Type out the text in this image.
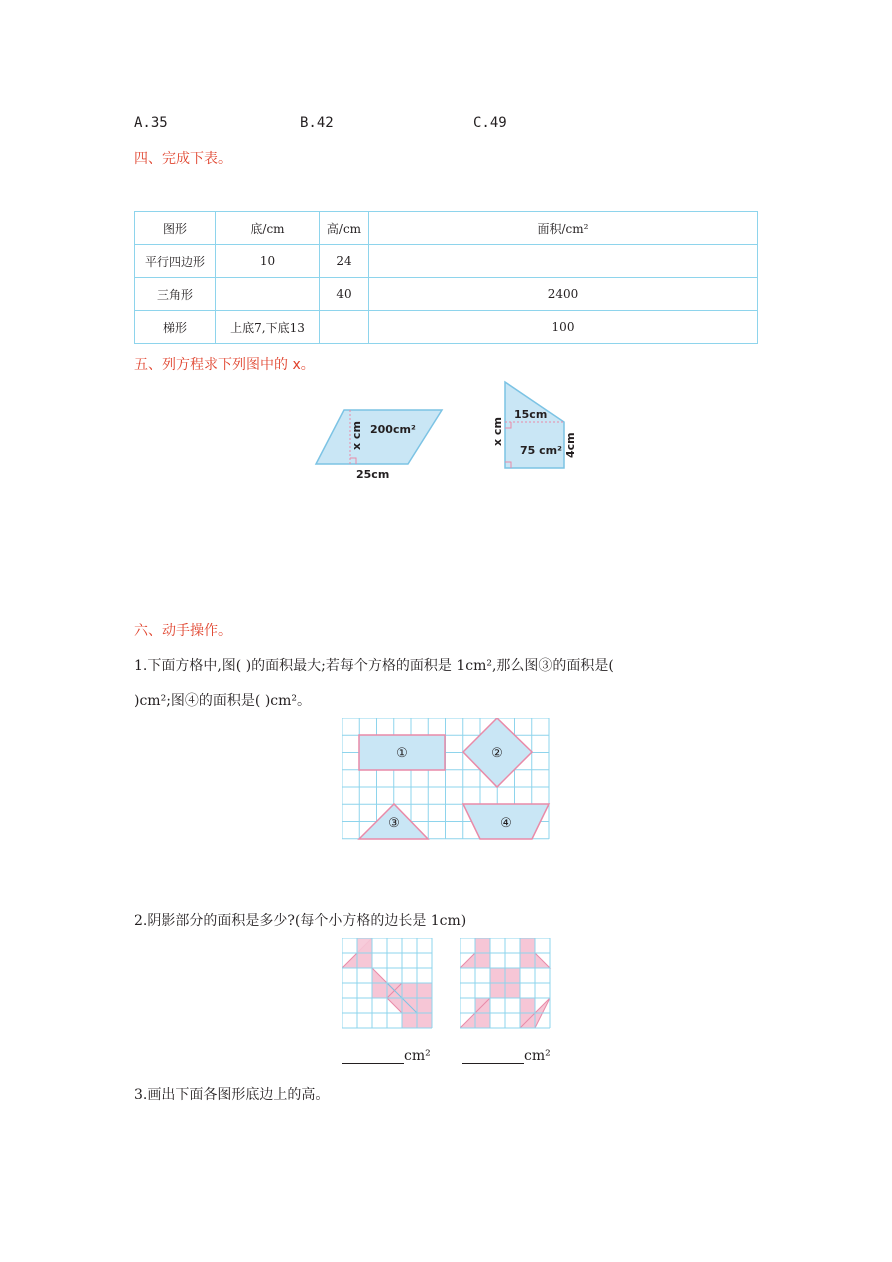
A.35	B.42	C.49
四、完成下表。
图形	底/cm	高/cm	面积/cm²
平行四边形	10	24	
三角形		40	2400
梯形	上底7,下底13		100
五、列方程求下列图中的 x。
200cm²
x cm
25cm
15cm
75 cm²
x cm	4cm
六、动手操作。
1.下面方格中,图( )的面积最大;若每个方格的面积是 1cm²,那么图③的面积是(
)cm²;图④的面积是( )cm²。
①	②
③	④
2.阴影部分的面积是多少?(每个小方格的边长是 1cm)
cm²	cm²
3.画出下面各图形底边上的高。
